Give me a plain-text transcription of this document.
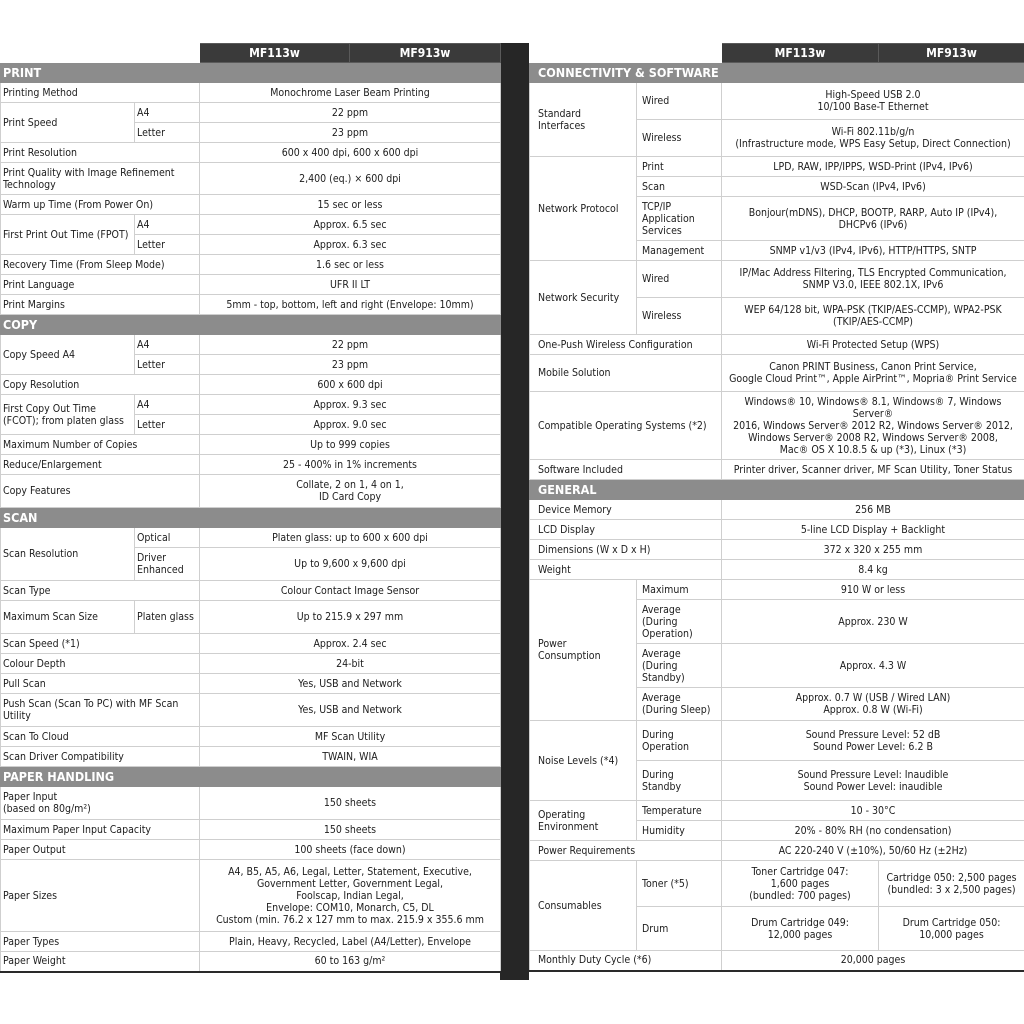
		MF113w	MF913w
PRINT			
Printing Method		Monochrome Laser Beam Printing	
Print Speed	A4	22 ppm	
	Letter	23 ppm	
Print Resolution		600 x 400 dpi, 600 x 600 dpi	
Print Quality with Image Refinement Technology		2,400 (eq.) × 600 dpi	
Warm up Time (From Power On)		15 sec or less	
First Print Out Time (FPOT)	A4	Approx. 6.5 sec	
	Letter	Approx. 6.3 sec	
Recovery Time (From Sleep Mode)		1.6 sec or less	
Print Language		UFR II LT	
Print Margins		5mm - top, bottom, left and right (Envelope: 10mm)	
COPY			
Copy Speed A4	A4	22 ppm	
	Letter	23 ppm	
Copy Resolution		600 x 600 dpi	
First Copy Out Time (FCOT); from platen glass	A4	Approx. 9.3 sec	
	Letter	Approx. 9.0 sec	
Maximum Number of Copies		Up to 999 copies	
Reduce/Enlargement		25 - 400% in 1% increments	
Copy Features		Collate, 2 on 1, 4 on 1,
ID Card Copy	
SCAN			
Scan Resolution	Optical	Platen glass: up to 600 x 600 dpi	
	Driver Enhanced	Up to 9,600 x 9,600 dpi	
Scan Type		Colour Contact Image Sensor	
Maximum Scan Size	Platen glass	Up to 215.9 x 297 mm	
Scan Speed (*1)		Approx. 2.4 sec	
Colour Depth		24-bit	
Pull Scan		Yes, USB and Network	
Push Scan (Scan To PC) with MF Scan Utility		Yes, USB and Network	
Scan To Cloud		MF Scan Utility	
Scan Driver Compatibility		TWAIN, WIA	
PAPER HANDLING			
Paper Input
(based on 80g/m²)		150 sheets	
Maximum Paper Input Capacity		150 sheets	
Paper Output		100 sheets (face down)	
Paper Sizes		A4, B5, A5, A6, Legal, Letter, Statement, Executive,
Government Letter, Government Legal,
Foolscap, Indian Legal,
Envelope: COM10, Monarch, C5, DL
Custom (min. 76.2 x 127 mm to max. 215.9 x 355.6 mm	
Paper Types		Plain, Heavy, Recycled, Label (A4/Letter), Envelope	
Paper Weight		60 to 163 g/m²	

		MF113w	MF913w
CONNECTIVITY & SOFTWARE			
Standard
Interfaces	Wired	High-Speed USB 2.0
10/100 Base-T Ethernet	
	Wireless	Wi-Fi 802.11b/g/n
(Infrastructure mode, WPS Easy Setup, Direct Connection)	
Network Protocol	Print	LPD, RAW, IPP/IPPS, WSD-Print (IPv4, IPv6)	
	Scan	WSD-Scan (IPv4, IPv6)	
	TCP/IP
Application
Services	Bonjour(mDNS), DHCP, BOOTP, RARP, Auto IP (IPv4),
DHCPv6 (IPv6)	
	Management	SNMP v1/v3 (IPv4, IPv6), HTTP/HTTPS, SNTP	
Network Security	Wired	IP/Mac Address Filtering, TLS Encrypted Communication,
SNMP V3.0, IEEE 802.1X, IPv6	
	Wireless	WEP 64/128 bit, WPA-PSK (TKIP/AES-CCMP), WPA2-PSK
(TKIP/AES-CCMP)	
One-Push Wireless Configuration		Wi-Fi Protected Setup (WPS)	
Mobile Solution		Canon PRINT Business, Canon Print Service,
Google Cloud Print™, Apple AirPrint™, Mopria® Print Service	
Compatible Operating Systems (*2)		Windows® 10, Windows® 8.1, Windows® 7, Windows Server®
2016, Windows Server® 2012 R2, Windows Server® 2012,
Windows Server® 2008 R2, Windows Server® 2008,
Mac® OS X 10.8.5 & up (*3), Linux (*3)	
Software Included		Printer driver, Scanner driver, MF Scan Utility, Toner Status	
GENERAL			
Device Memory		256 MB	
LCD Display		5-line LCD Display + Backlight	
Dimensions (W x D x H)		372 x 320 x 255 mm	
Weight		8.4 kg	
Power
Consumption	Maximum	910 W or less	
	Average
(During
Operation)	Approx. 230 W	
	Average
(During
Standby)	Approx. 4.3 W	
	Average
(During Sleep)	Approx. 0.7 W (USB / Wired LAN)
Approx. 0.8 W (Wi-Fi)	
Noise Levels (*4)	During
Operation	Sound Pressure Level: 52 dB
Sound Power Level: 6.2 B	
	During
Standby	Sound Pressure Level: Inaudible
Sound Power Level: inaudible	
Operating
Environment	Temperature	10 - 30°C	
	Humidity	20% - 80% RH (no condensation)	
Power Requirements		AC 220-240 V (±10%), 50/60 Hz (±2Hz)	
Consumables	Toner (*5)	Toner Cartridge 047:
1,600 pages
(bundled: 700 pages)	Cartridge 050: 2,500 pages
(bundled: 3 x 2,500 pages)
	Drum	Drum Cartridge 049:
12,000 pages	Drum Cartridge 050:
10,000 pages
Monthly Duty Cycle (*6)		20,000 pages	
